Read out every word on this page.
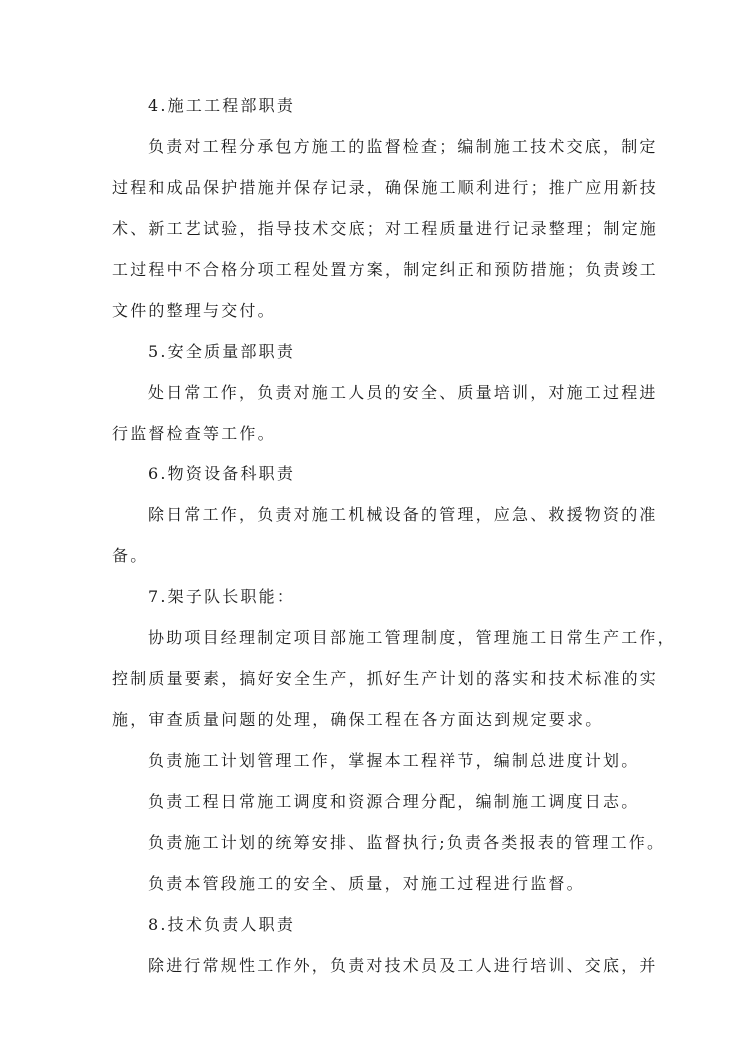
4.施工工程部职责

负责对工程分承包方施工的监督检查；编制施工技术交底，制定

过程和成品保护措施并保存记录，确保施工顺利进行；推广应用新技

术、新工艺试验，指导技术交底；对工程质量进行记录整理；制定施

工过程中不合格分项工程处置方案，制定纠正和预防措施；负责竣工

文件的整理与交付。

5.安全质量部职责

处日常工作，负责对施工人员的安全、质量培训，对施工过程进

行监督检查等工作。

6.物资设备科职责

除日常工作，负责对施工机械设备的管理，应急、救援物资的准

备。

7.架子队长职能：

协助项目经理制定项目部施工管理制度，管理施工日常生产工作，

控制质量要素，搞好安全生产，抓好生产计划的落实和技术标准的实

施，审查质量问题的处理，确保工程在各方面达到规定要求。

负责施工计划管理工作，掌握本工程祥节，编制总进度计划。

负责工程日常施工调度和资源合理分配，编制施工调度日志。

负责施工计划的统筹安排、监督执行;负责各类报表的管理工作。

负责本管段施工的安全、质量，对施工过程进行监督。

8.技术负责人职责

除进行常规性工作外，负责对技术员及工人进行培训、交底，并
